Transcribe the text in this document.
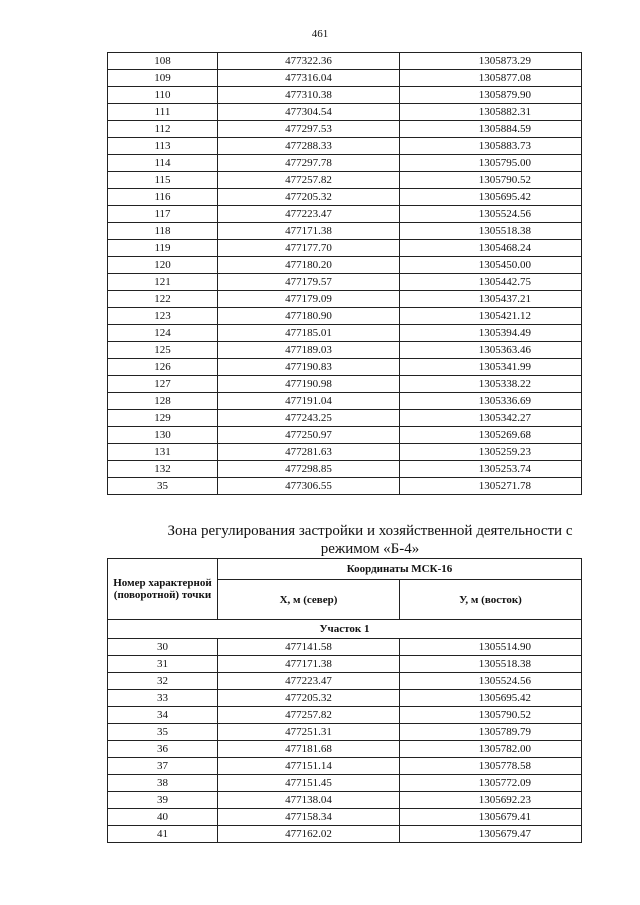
461
108	477322.36	1305873.29
109	477316.04	1305877.08
110	477310.38	1305879.90
111	477304.54	1305882.31
112	477297.53	1305884.59
113	477288.33	1305883.73
114	477297.78	1305795.00
115	477257.82	1305790.52
116	477205.32	1305695.42
117	477223.47	1305524.56
118	477171.38	1305518.38
119	477177.70	1305468.24
120	477180.20	1305450.00
121	477179.57	1305442.75
122	477179.09	1305437.21
123	477180.90	1305421.12
124	477185.01	1305394.49
125	477189.03	1305363.46
126	477190.83	1305341.99
127	477190.98	1305338.22
128	477191.04	1305336.69
129	477243.25	1305342.27
130	477250.97	1305269.68
131	477281.63	1305259.23
132	477298.85	1305253.74
35	477306.55	1305271.78
Зона регулирования застройки и хозяйственной деятельности с режимом «Б-4»
Номер характерной (поворотной) точки	Координаты МСК-16	
	Х, м (север)	У, м (восток)
Участок 1		
30	477141.58	1305514.90
31	477171.38	1305518.38
32	477223.47	1305524.56
33	477205.32	1305695.42
34	477257.82	1305790.52
35	477251.31	1305789.79
36	477181.68	1305782.00
37	477151.14	1305778.58
38	477151.45	1305772.09
39	477138.04	1305692.23
40	477158.34	1305679.41
41	477162.02	1305679.47
